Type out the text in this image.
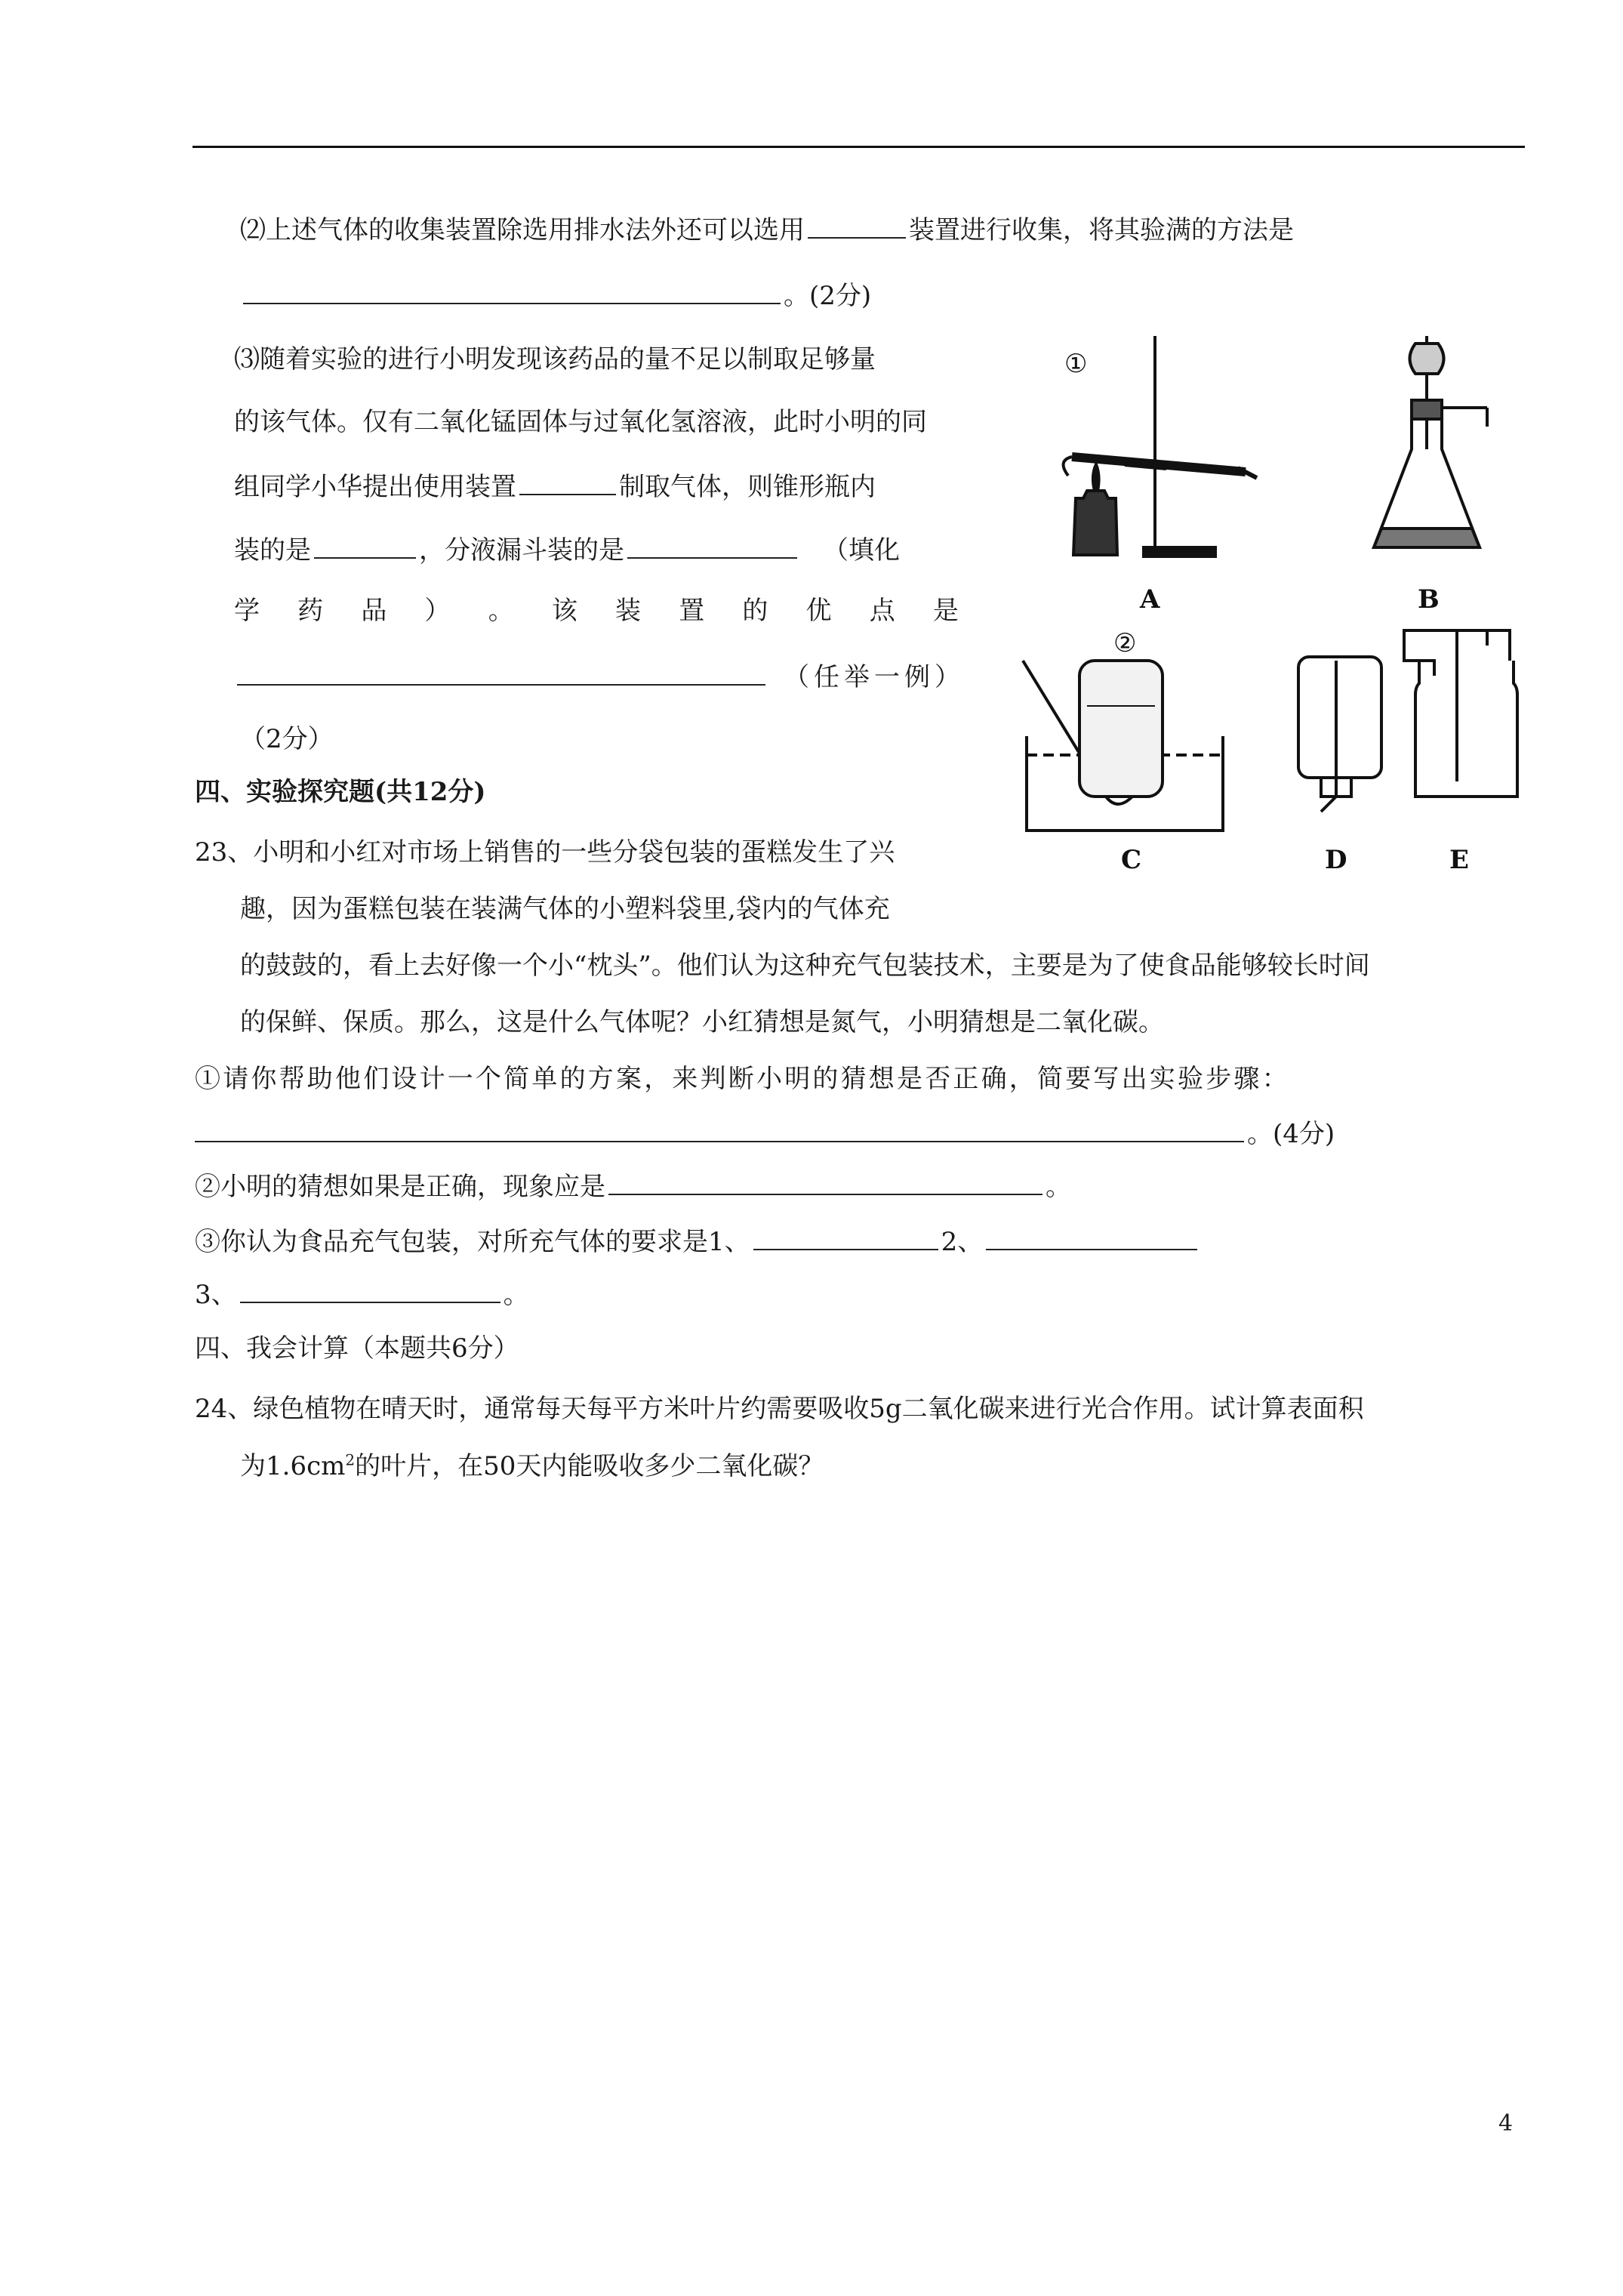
⑵上述气体的收集装置除选用排水法外还可以选用	装置进行收集，将其验满的方法是
。(2分)
⑶随着实验的进行小明发现该药品的量不足以制取足够量
的该气体。仅有二氧化锰固体与过氧化氢溶液，此时小明的同
组同学小华提出使用装置	制取气体，则锥形瓶内
装的是	，分液漏斗装的是	（填化
学 药 品 ） 。 该 装 置 的 优 点 是
（任举一例）
（2分）
四、实验探究题(共12分)
23、小明和小红对市场上销售的一些分袋包装的蛋糕发生了兴
趣，因为蛋糕包装在装满气体的小塑料袋里,袋内的气体充
的鼓鼓的，看上去好像一个小“枕头”。他们认为这种充气包装技术，主要是为了使食品能够较长时间
的保鲜、保质。那么，这是什么气体呢？小红猜想是氮气，小明猜想是二氧化碳。
①请你帮助他们设计一个简单的方案，来判断小明的猜想是否正确，简要写出实验步骤：
。(4分)
②小明的猜想如果是正确，现象应是	。
③你认为食品充气包装，对所充气体的要求是1、	2、
3、	。
四、我会计算（本题共6分）
24、绿色植物在晴天时，通常每天每平方米叶片约需要吸收5g二氧化碳来进行光合作用。试计算表面积
为$1.6cm^2$的叶片，在50天内能吸收多少二氧化碳？
①
②
A	B
C	D	E
4
